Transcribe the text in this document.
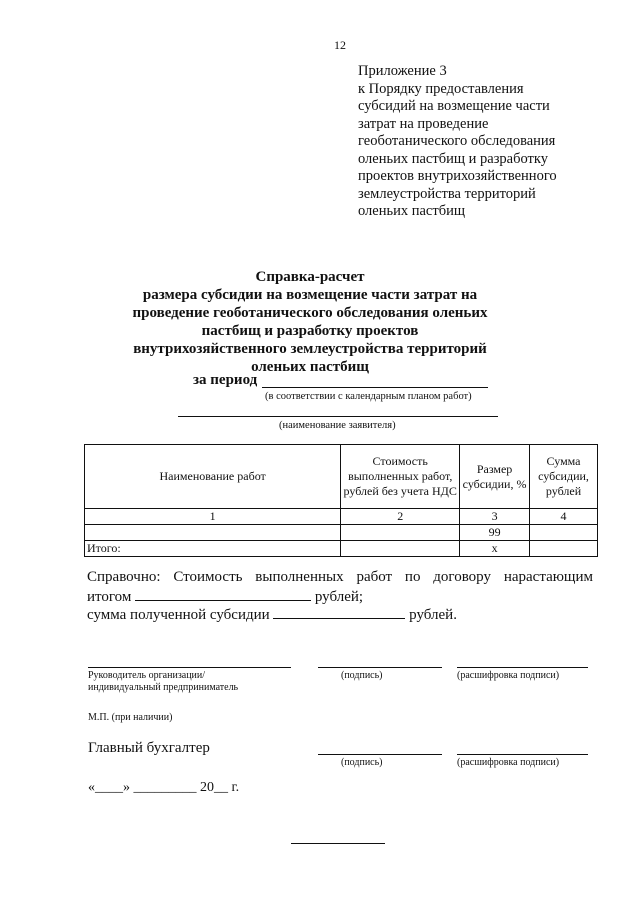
12
Приложение 3
к Порядку предоставления
субсидий на возмещение части
затрат на проведение
геоботанического обследования
оленьих пастбищ и разработку
проектов внутрихозяйственного
землеустройства территорий
оленьих пастбищ
Справка-расчет
размера субсидии на возмещение части затрат на
проведение геоботанического обследования оленьих
пастбищ и разработку проектов
внутрихозяйственного землеустройства территорий
оленьих пастбищ
за период
(в соответствии с календарным планом работ)
(наименование заявителя)
Наименование работ	Стоимость выполненных работ, рублей без учета НДС	Размер субсидии, %	Сумма субсидии, рублей
1	2	3	4
		99	
Итого:		х	
Справочно: Стоимость выполненных работ по договору нарастающим
итогом	рублей;
сумма полученной субсидии	рублей.
Руководитель организации/
индивидуальный предприниматель
(подпись)	(расшифровка подписи)
М.П. (при наличии)
Главный бухгалтер
(подпись)	(расшифровка подписи)
«____» _________ 20__ г.
